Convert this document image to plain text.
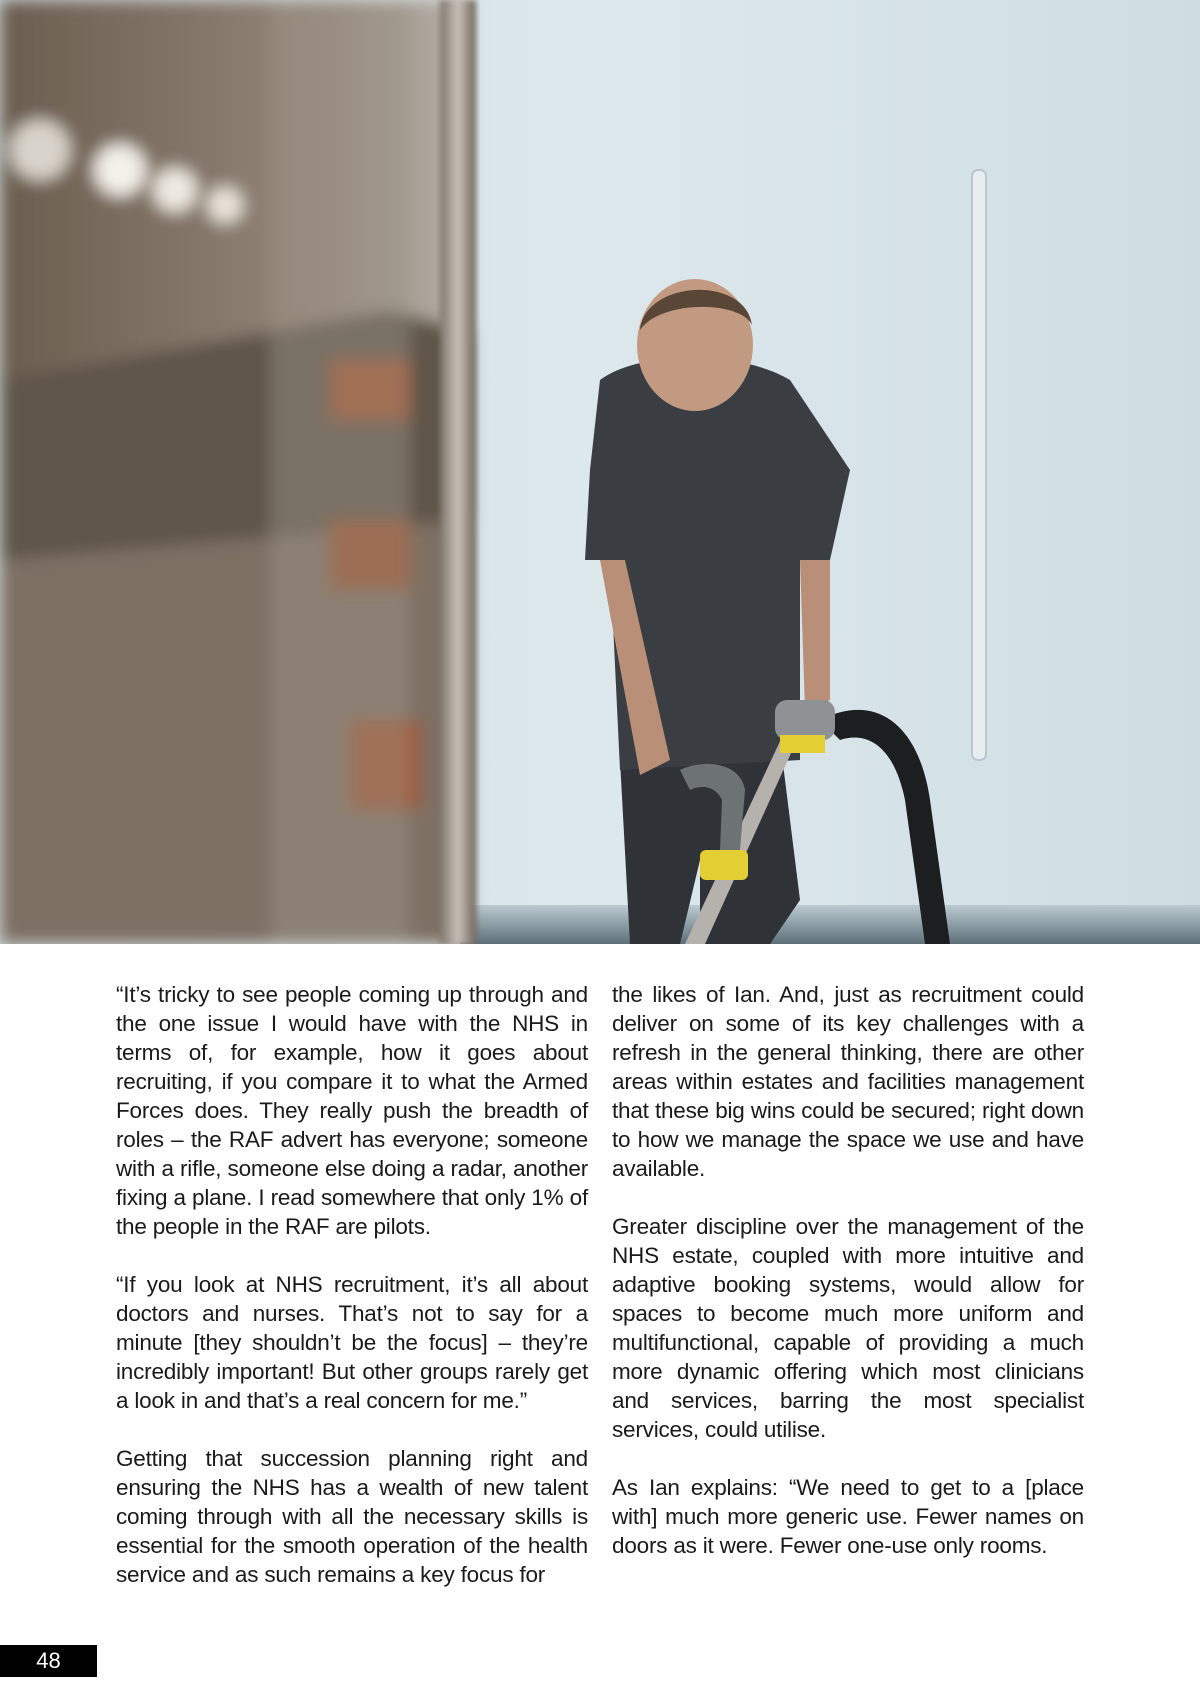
“It’s tricky to see people coming up through and the one issue I would have with the NHS in terms of, for example, how it goes about recruiting, if you compare it to what the Armed Forces does. They really push the breadth of roles – the RAF advert has everyone; someone with a rifle, someone else doing a radar, another fixing a plane. I read somewhere that only 1% of the people in the RAF are pilots.

“If you look at NHS recruitment, it’s all about doctors and nurses. That’s not to say for a minute [they shouldn’t be the focus] – they’re incredibly important! But other groups rarely get a look in and that’s a real concern for me.”

Getting that succession planning right and ensuring the NHS has a wealth of new talent coming through with all the necessary skills is essential for the smooth operation of the health service and as such remains a key focus for

the likes of Ian. And, just as recruitment could deliver on some of its key challenges with a refresh in the general thinking, there are other areas within estates and facilities management that these big wins could be secured; right down to how we manage the space we use and have available.

Greater discipline over the management of the NHS estate, coupled with more intuitive and adaptive booking systems, would allow for spaces to become much more uniform and multifunctional, capable of providing a much more dynamic offering which most clinicians and services, barring the most specialist services, could utilise.

As Ian explains: “We need to get to a [place with] much more generic use. Fewer names on doors as it were. Fewer one-use only rooms.

48
